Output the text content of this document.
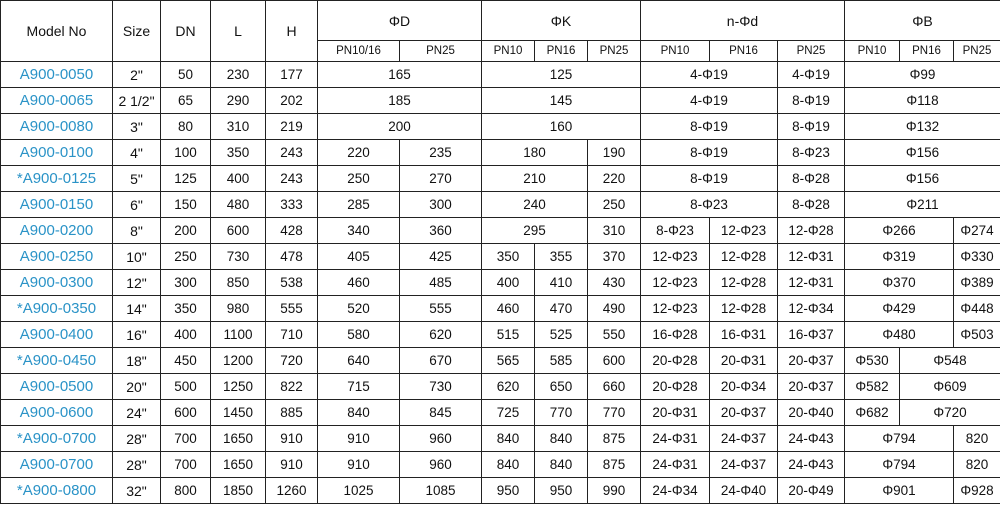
Model No	Size	DN	L	H	ΦD		ΦK			n-Φd			ΦB		
					PN10/16	PN25	PN10	PN16	PN25	PN10	PN16	PN25	PN10	PN16	PN25
A900-0050	2"	50	230	177	165		125			4-Φ19		4-Φ19	Φ99		
A900-0065	2 1/2"	65	290	202	185		145			4-Φ19		8-Φ19	Φ118		
A900-0080	3"	80	310	219	200		160			8-Φ19		8-Φ19	Φ132		
A900-0100	4"	100	350	243	220	235	180		190	8-Φ19		8-Φ23	Φ156		
*A900-0125	5"	125	400	243	250	270	210		220	8-Φ19		8-Φ28	Φ156		
A900-0150	6"	150	480	333	285	300	240		250	8-Φ23		8-Φ28	Φ211		
A900-0200	8"	200	600	428	340	360	295		310	8-Φ23	12-Φ23	12-Φ28	Φ266		Φ274
A900-0250	10"	250	730	478	405	425	350	355	370	12-Φ23	12-Φ28	12-Φ31	Φ319		Φ330
A900-0300	12"	300	850	538	460	485	400	410	430	12-Φ23	12-Φ28	12-Φ31	Φ370		Φ389
*A900-0350	14"	350	980	555	520	555	460	470	490	12-Φ23	12-Φ28	12-Φ34	Φ429		Φ448
A900-0400	16"	400	1100	710	580	620	515	525	550	16-Φ28	16-Φ31	16-Φ37	Φ480		Φ503
*A900-0450	18"	450	1200	720	640	670	565	585	600	20-Φ28	20-Φ31	20-Φ37	Φ530	Φ548	
A900-0500	20"	500	1250	822	715	730	620	650	660	20-Φ28	20-Φ34	20-Φ37	Φ582	Φ609	
A900-0600	24"	600	1450	885	840	845	725	770	770	20-Φ31	20-Φ37	20-Φ40	Φ682	Φ720	
*A900-0700	28"	700	1650	910	910	960	840	840	875	24-Φ31	24-Φ37	24-Φ43	Φ794		820
A900-0700	28"	700	1650	910	910	960	840	840	875	24-Φ31	24-Φ37	24-Φ43	Φ794		820
*A900-0800	32"	800	1850	1260	1025	1085	950	950	990	24-Φ34	24-Φ40	20-Φ49	Φ901		Φ928
